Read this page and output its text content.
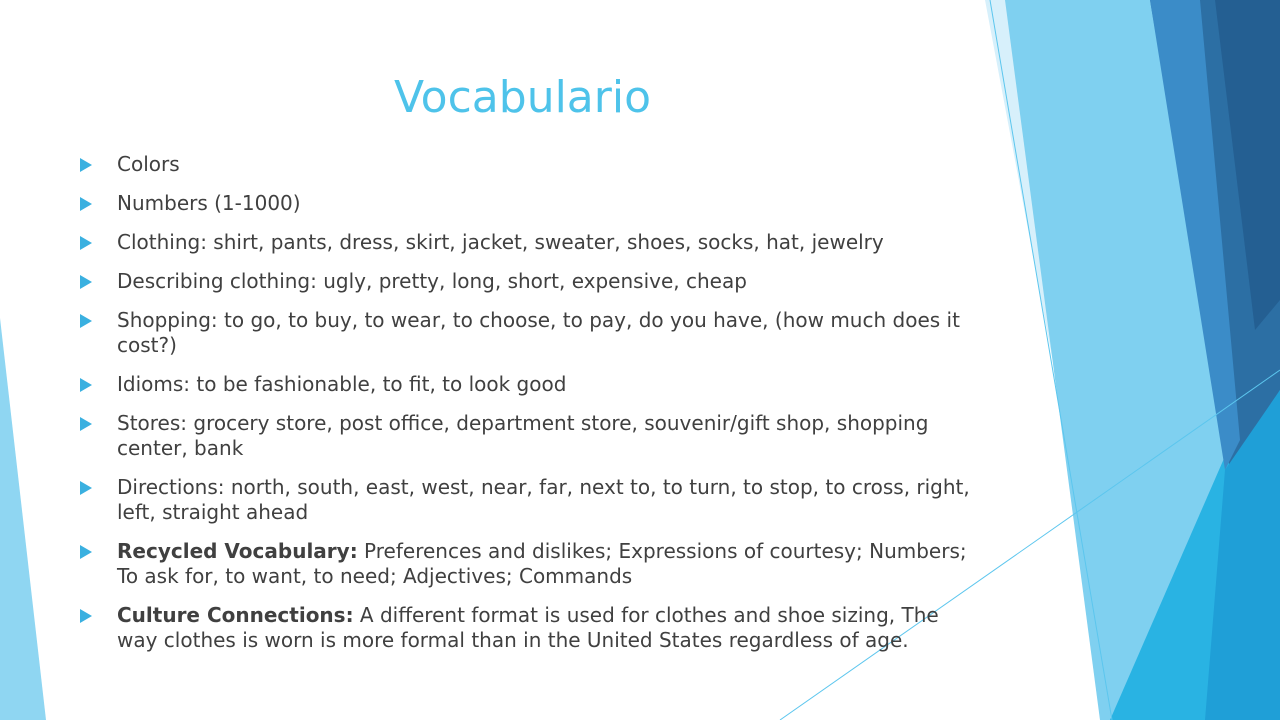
Vocabulario
Colors
Numbers (1-1000)
Clothing: shirt, pants, dress, skirt, jacket, sweater, shoes, socks, hat, jewelry
Describing clothing: ugly, pretty, long, short, expensive, cheap
Shopping: to go, to buy, to wear, to choose, to pay, do you have, (how much does it cost?)
Idioms: to be fashionable, to fit, to look good
Stores: grocery store, post office, department store, souvenir/gift shop, shopping center, bank
Directions: north, south, east, west, near, far, next to, to turn, to stop, to cross, right, left, straight ahead
Recycled Vocabulary: Preferences and dislikes; Expressions of courtesy; Numbers; To ask for, to want, to need; Adjectives; Commands
Culture Connections: A different format is used for clothes and shoe sizing, The way clothes is worn is more formal than in the United States regardless of age.
